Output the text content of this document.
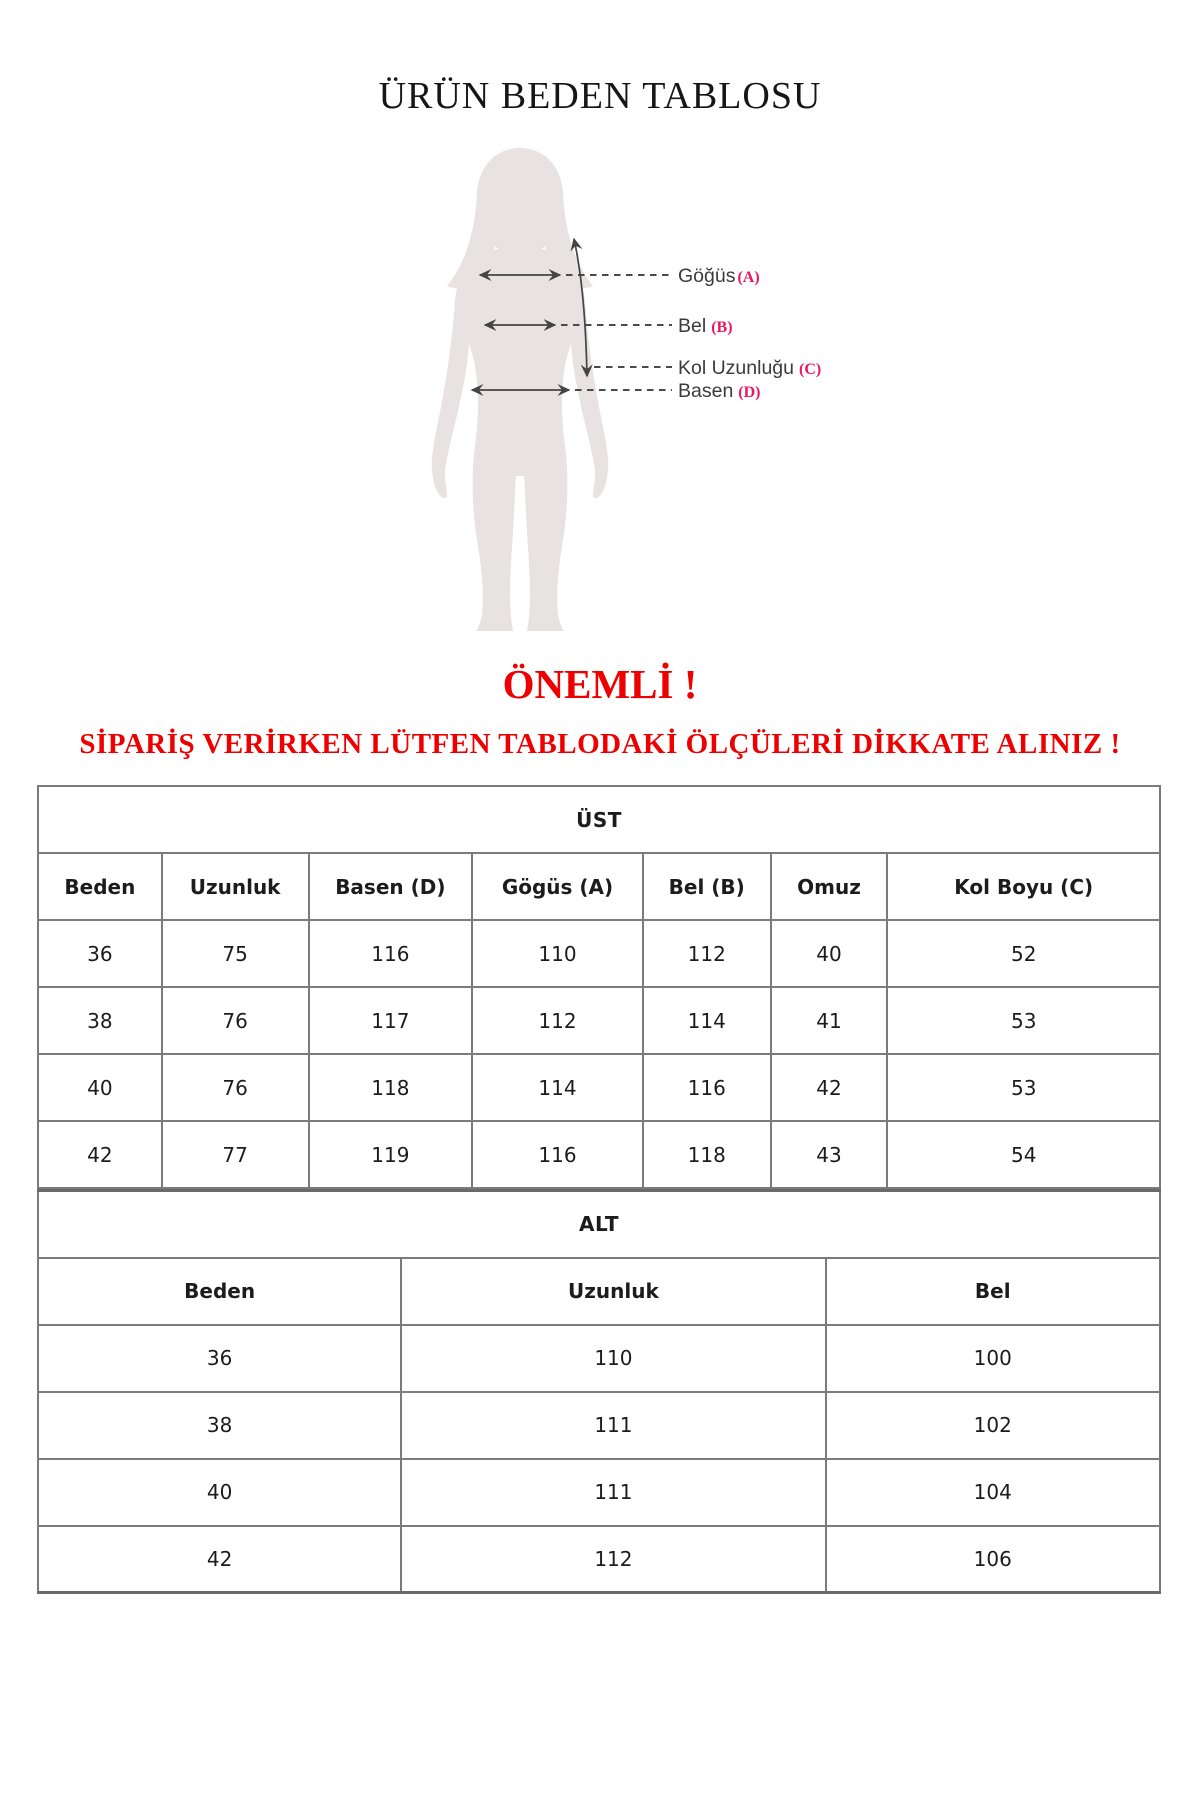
ÜRÜN BEDEN TABLOSU
Göğüs (A)
Bel (B)
Kol Uzunluğu (C)
Basen (D)
ÖNEMLİ !
SİPARİŞ VERİRKEN LÜTFEN TABLODAKİ ÖLÇÜLERİ DİKKATE ALINIZ !
ÜST						
Beden	Uzunluk	Basen (D)	Gögüs (A)	Bel (B)	Omuz	Kol Boyu (C)
36	75	116	110	112	40	52
38	76	117	112	114	41	53
40	76	118	114	116	42	53
42	77	119	116	118	43	54
ALT		
Beden	Uzunluk	Bel
36	110	100
38	111	102
40	111	104
42	112	106
